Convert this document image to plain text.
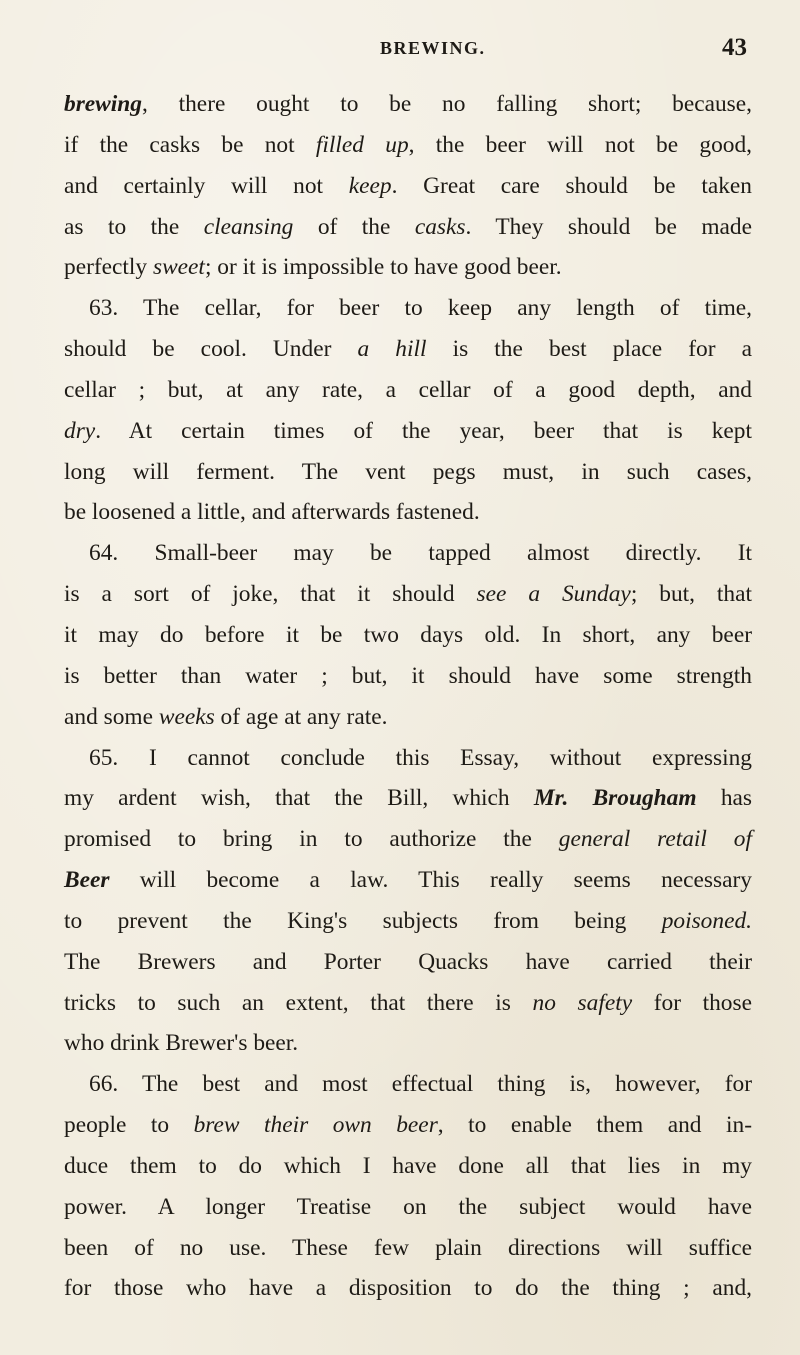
BREWING.	43
brewing, there ought to be no falling short; because,
if the casks be not filled up, the beer will not be good,
and certainly will not keep. Great care should be taken
as to the cleansing of the casks. They should be made
perfectly sweet; or it is impossible to have good beer.
63. The cellar, for beer to keep any length of time,
should be cool. Under a hill is the best place for a
cellar ; but, at any rate, a cellar of a good depth, and
dry. At certain times of the year, beer that is kept
long will ferment. The vent pegs must, in such cases,
be loosened a little, and afterwards fastened.
64. Small-beer may be tapped almost directly. It
is a sort of joke, that it should see a Sunday; but, that
it may do before it be two days old. In short, any beer
is better than water ; but, it should have some strength
and some weeks of age at any rate.
65. I cannot conclude this Essay, without expressing
my ardent wish, that the Bill, which Mr. Brougham has
promised to bring in to authorize the general retail of
Beer will become a law. This really seems necessary
to prevent the King's subjects from being poisoned.
The Brewers and Porter Quacks have carried their
tricks to such an extent, that there is no safety for those
who drink Brewer's beer.
66. The best and most effectual thing is, however, for
people to brew their own beer, to enable them and in-
duce them to do which I have done all that lies in my
power. A longer Treatise on the subject would have
been of no use. These few plain directions will suffice
for those who have a disposition to do the thing ; and,
